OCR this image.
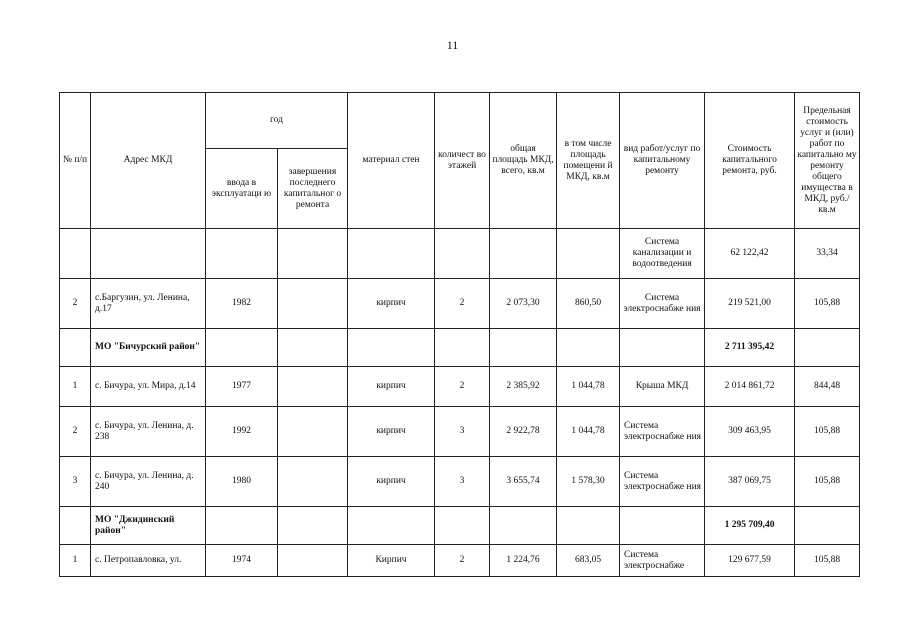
11
№ п/п	Адрес МКД	год		материал стен	количест во этажей	общая площадь МКД, всего, кв.м	в том числе площадь помещени й МКД, кв.м	вид работ/услуг по капитальному ремонту	Стоимость капитального ремонта, руб.	Предельная стоимость услуг и (или) работ по капитально му ремонту общего имущества в МКД, руб./кв.м
		ввода в эксплуатаци ю	завершения последнего капитальног о ремонта							
								Система канализации и водоотведения	62 122,42	33,34
2	с.Баргузин, ул. Ленина, д.17	1982		кирпич	2	2 073,30	860,50	Система электроснабже ния	219 521,00	105,88
	МО "Бичурский район"								2 711 395,42	
1	с. Бичура, ул. Мира, д.14	1977		кирпич	2	2 385,92	1 044,78	Крыша МКД	2 014 861,72	844,48
2	с. Бичура, ул. Ленина, д. 238	1992		кирпич	3	2 922,78	1 044,78	Система электроснабже ния	309 463,95	105,88
3	с. Бичура, ул. Ленина, д. 240	1980		кирпич	3	3 655,74	1 578,30	Система электроснабже ния	387 069,75	105,88
	МО "Джидинский район"								1 295 709,40	
1	с. Петропавловка, ул.	1974		Кирпич	2	1 224,76	683,05	Система электроснабже	129 677,59	105,88
